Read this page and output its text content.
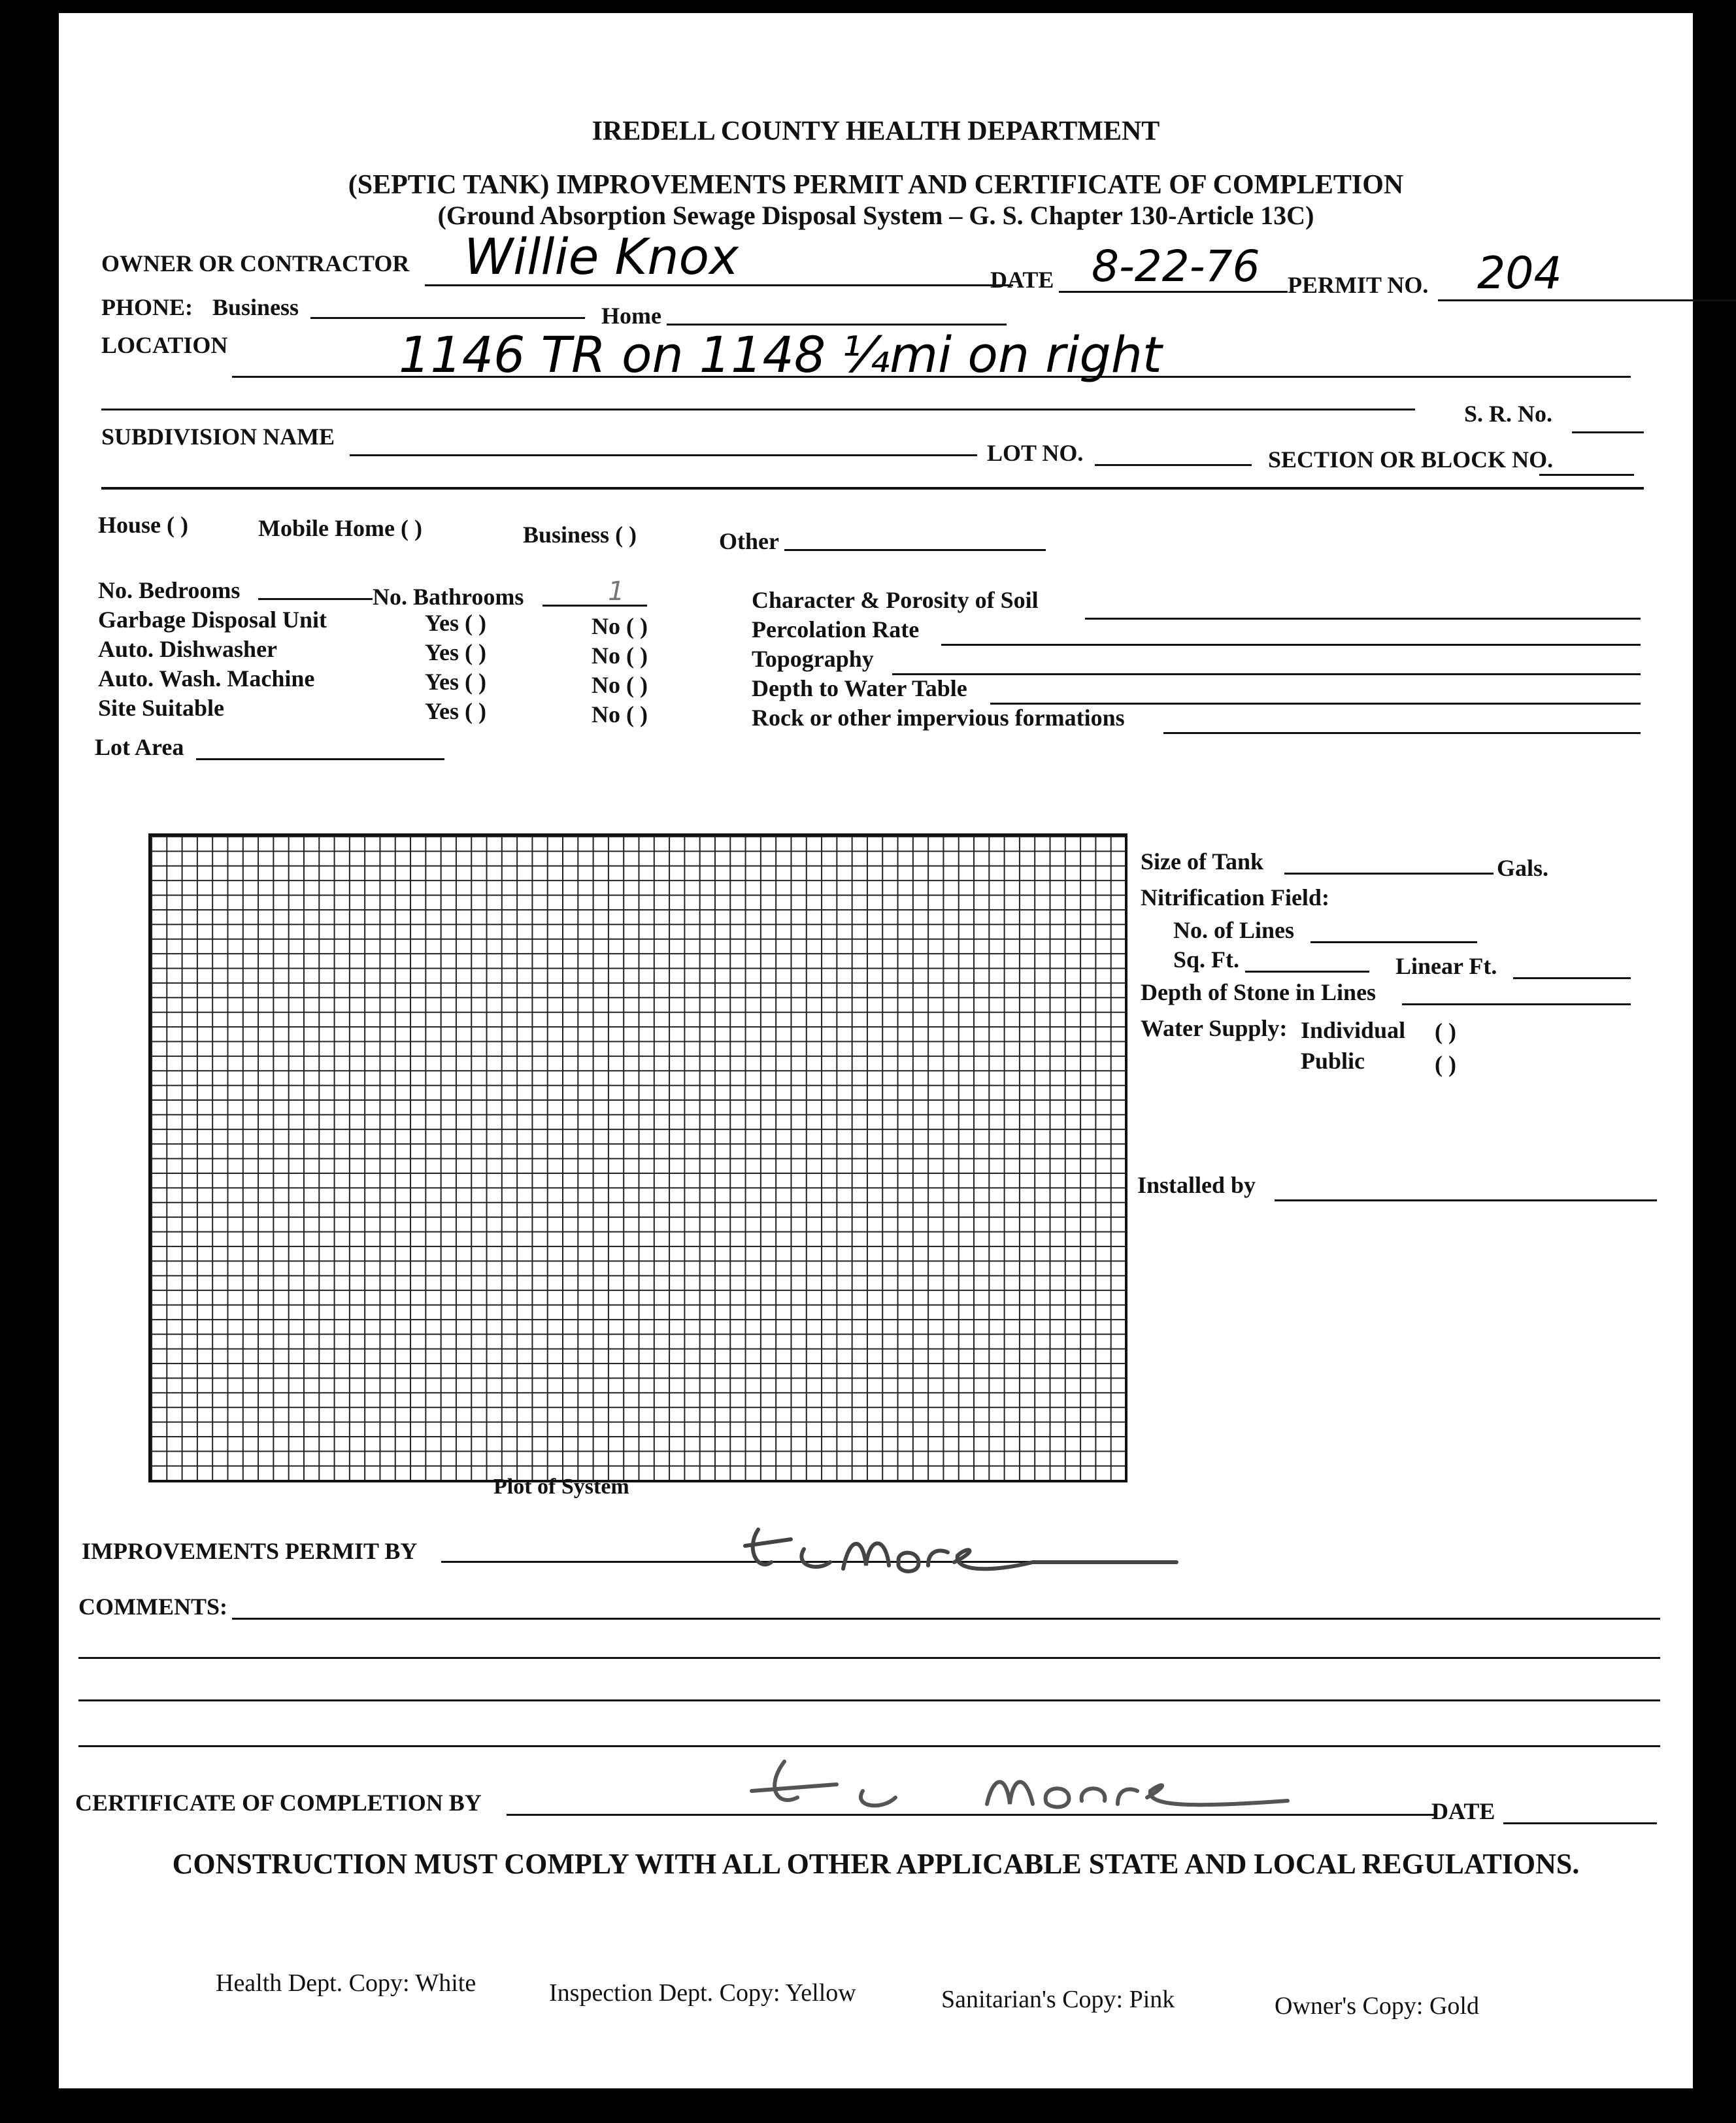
IREDELL COUNTY HEALTH DEPARTMENT
(SEPTIC TANK) IMPROVEMENTS PERMIT AND CERTIFICATE OF COMPLETION
(Ground Absorption Sewage Disposal System – G. S. Chapter 130-Article 13C)
OWNER OR CONTRACTOR Willie Knox	DATE 8-22-76 PERMIT NO. 204
PHONE: Business	Home
LOCATION	1146 TR on 1148 ¼mi on right
S. R. No.
SUBDIVISION NAME
LOT NO.	SECTION OR BLOCK NO.
House ( )	Mobile Home ( )	Business ( )	Other
No. Bedrooms	No. Bathrooms	1
Garbage Disposal Unit	Yes ( )	No ( )
Auto. Dishwasher	Yes ( )	No ( )
Auto. Wash. Machine	Yes ( )	No ( )
Site Suitable	Yes ( )	No ( )
Lot Area
Character & Porosity of Soil
Percolation Rate
Topography
Depth to Water Table
Rock or other impervious formations
Plot of System
Size of Tank	Gals.
Nitrification Field:
No. of Lines
Sq. Ft.	Linear Ft.
Depth of Stone in Lines
Water Supply: Individual ( )
Public	( )
Installed by
IMPROVEMENTS PERMIT BY
COMMENTS:
CERTIFICATE OF COMPLETION BY	DATE
CONSTRUCTION MUST COMPLY WITH ALL OTHER APPLICABLE STATE AND LOCAL REGULATIONS.
Health Dept. Copy: White	Inspection Dept. Copy: Yellow	Sanitarian's Copy: Pink	Owner's Copy: Gold
